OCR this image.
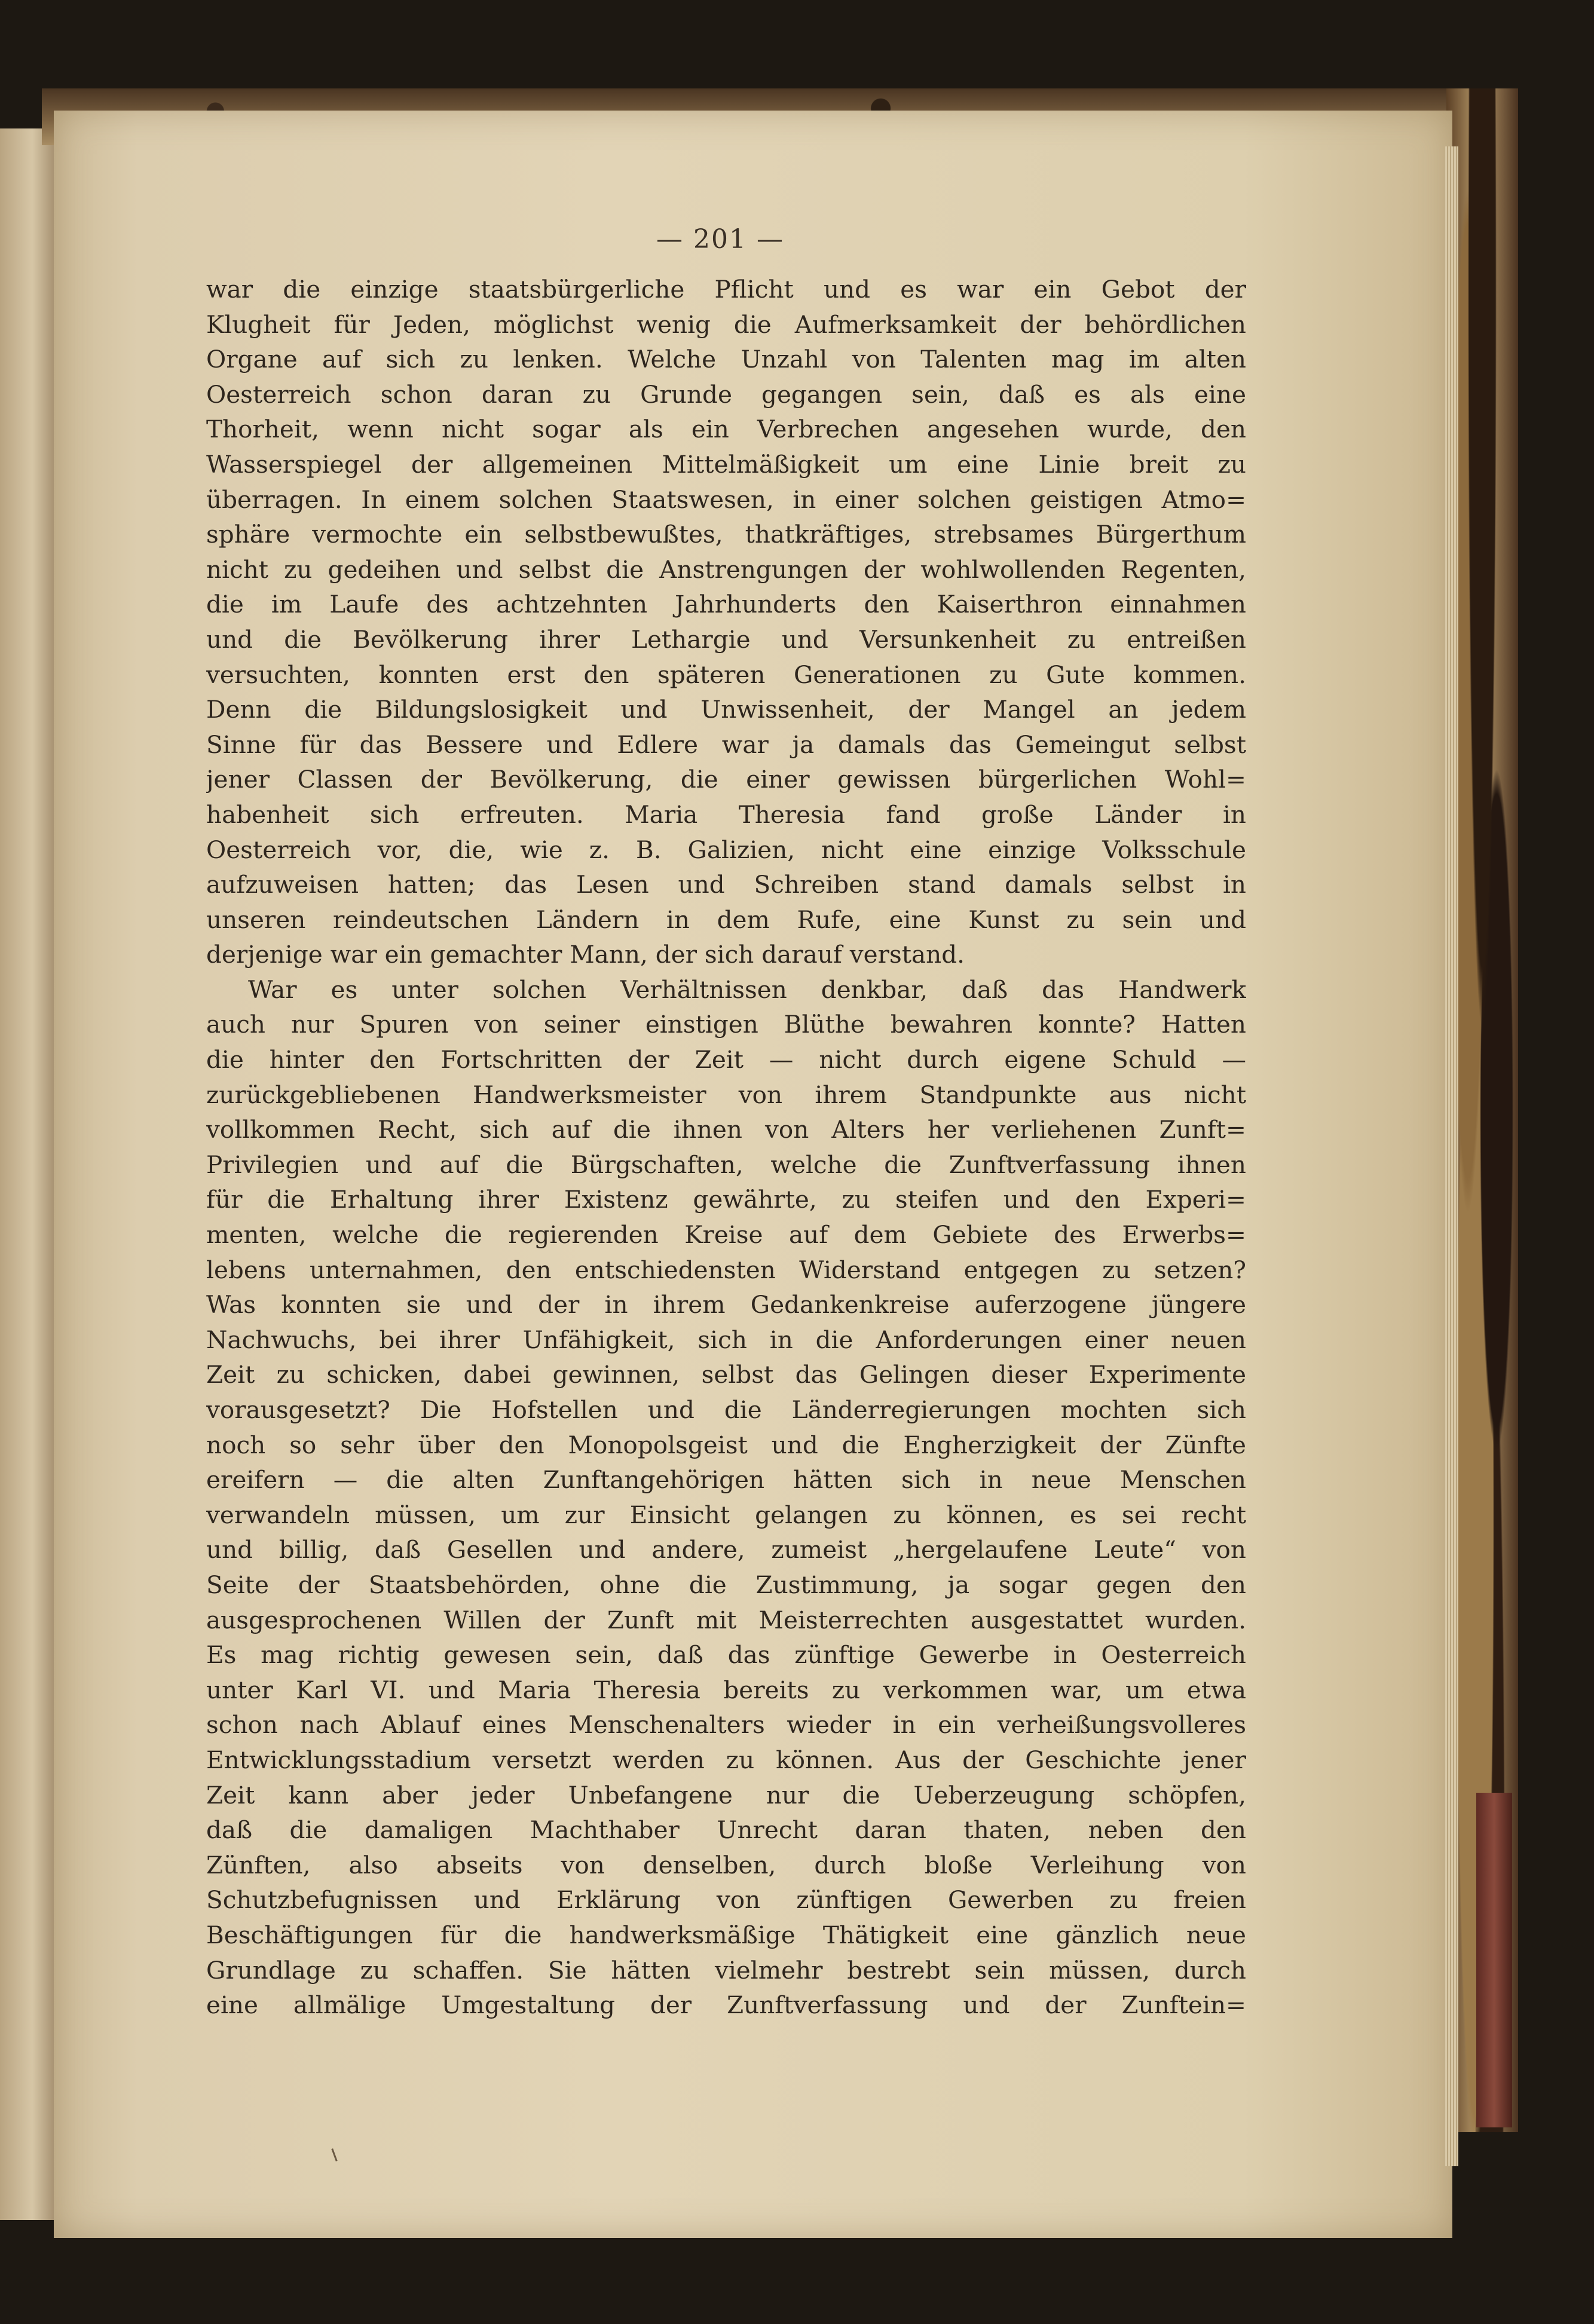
— 201 —
war die einzige staatsbürgerliche Pflicht und es war ein Gebot der
Klugheit für Jeden, möglichst wenig die Aufmerksamkeit der behördlichen
Organe auf sich zu lenken. Welche Unzahl von Talenten mag im alten
Oesterreich schon daran zu Grunde gegangen sein, daß es als eine
Thorheit, wenn nicht sogar als ein Verbrechen angesehen wurde, den
Wasserspiegel der allgemeinen Mittelmäßigkeit um eine Linie breit zu
überragen. In einem solchen Staatswesen, in einer solchen geistigen Atmo=
sphäre vermochte ein selbstbewußtes, thatkräftiges, strebsames Bürgerthum
nicht zu gedeihen und selbst die Anstrengungen der wohlwollenden Regenten,
die im Laufe des achtzehnten Jahrhunderts den Kaiserthron einnahmen
und die Bevölkerung ihrer Lethargie und Versunkenheit zu entreißen
versuchten, konnten erst den späteren Generationen zu Gute kommen.
Denn die Bildungslosigkeit und Unwissenheit, der Mangel an jedem
Sinne für das Bessere und Edlere war ja damals das Gemeingut selbst
jener Classen der Bevölkerung, die einer gewissen bürgerlichen Wohl=
habenheit sich erfreuten. Maria Theresia fand große Länder in
Oesterreich vor, die, wie z. B. Galizien, nicht eine einzige Volksschule
aufzuweisen hatten; das Lesen und Schreiben stand damals selbst in
unseren reindeutschen Ländern in dem Rufe, eine Kunst zu sein und
derjenige war ein gemachter Mann, der sich darauf verstand.
War es unter solchen Verhältnissen denkbar, daß das Handwerk
auch nur Spuren von seiner einstigen Blüthe bewahren konnte? Hatten
die hinter den Fortschritten der Zeit — nicht durch eigene Schuld —
zurückgebliebenen Handwerksmeister von ihrem Standpunkte aus nicht
vollkommen Recht, sich auf die ihnen von Alters her verliehenen Zunft=
Privilegien und auf die Bürgschaften, welche die Zunftverfassung ihnen
für die Erhaltung ihrer Existenz gewährte, zu steifen und den Experi=
menten, welche die regierenden Kreise auf dem Gebiete des Erwerbs=
lebens unternahmen, den entschiedensten Widerstand entgegen zu setzen?
Was konnten sie und der in ihrem Gedankenkreise auferzogene jüngere
Nachwuchs, bei ihrer Unfähigkeit, sich in die Anforderungen einer neuen
Zeit zu schicken, dabei gewinnen, selbst das Gelingen dieser Experimente
vorausgesetzt? Die Hofstellen und die Länderregierungen mochten sich
noch so sehr über den Monopolsgeist und die Engherzigkeit der Zünfte
ereifern — die alten Zunftangehörigen hätten sich in neue Menschen
verwandeln müssen, um zur Einsicht gelangen zu können, es sei recht
und billig, daß Gesellen und andere, zumeist „hergelaufene Leute“ von
Seite der Staatsbehörden, ohne die Zustimmung, ja sogar gegen den
ausgesprochenen Willen der Zunft mit Meisterrechten ausgestattet wurden.
Es mag richtig gewesen sein, daß das zünftige Gewerbe in Oesterreich
unter Karl VI. und Maria Theresia bereits zu verkommen war, um etwa
schon nach Ablauf eines Menschenalters wieder in ein verheißungsvolleres
Entwicklungsstadium versetzt werden zu können. Aus der Geschichte jener
Zeit kann aber jeder Unbefangene nur die Ueberzeugung schöpfen,
daß die damaligen Machthaber Unrecht daran thaten, neben den
Zünften, also abseits von denselben, durch bloße Verleihung von
Schutzbefugnissen und Erklärung von zünftigen Gewerben zu freien
Beschäftigungen für die handwerksmäßige Thätigkeit eine gänzlich neue
Grundlage zu schaffen. Sie hätten vielmehr bestrebt sein müssen, durch
eine allmälige Umgestaltung der Zunftverfassung und der Zunftein=
